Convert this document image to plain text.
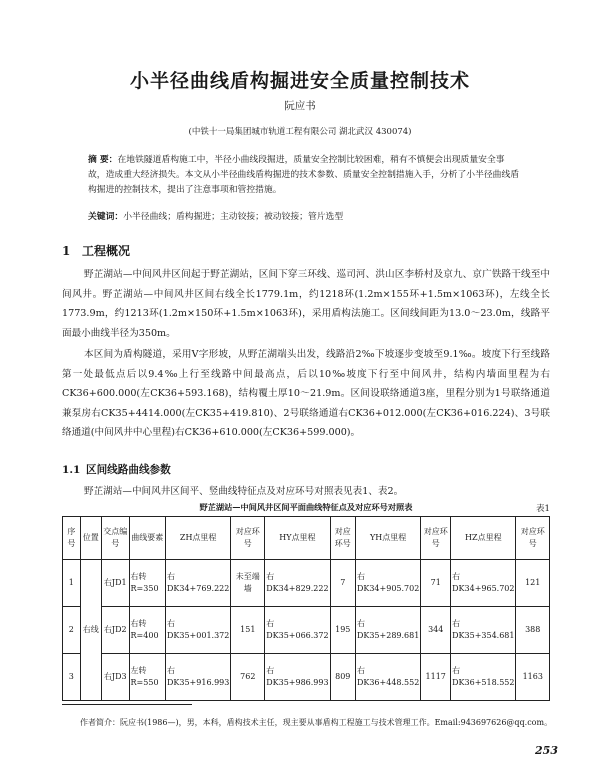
小半径曲线盾构掘进安全质量控制技术
阮应书
(中铁十一局集团城市轨道工程有限公司 湖北武汉 430074)
摘 要：在地铁隧道盾构施工中，半径小曲线段掘进，质量安全控制比较困难，稍有不慎便会出现质量安全事故，造成重大经济损失。本文从小半径曲线盾构掘进的技术参数、质量安全控制措施入手，分析了小半径曲线盾构掘进的控制技术，提出了注意事项和管控措施。
关键词：小半径曲线；盾构掘进；主动铰接；被动铰接；管片选型
1 工程概况
野芷湖站—中间风井区间起于野芷湖站，区间下穿三环线、巡司河、洪山区李桥村及京九、京广铁路干线至中间风井。野芷湖站—中间风井区间右线全长1779.1m，约1218环(1.2m×155环+1.5m×1063环)，左线全长1773.9m，约1213环(1.2m×150环+1.5m×1063环)，采用盾构法施工。区间线间距为13.0～23.0m，线路平面最小曲线半径为350m。
本区间为盾构隧道，采用V字形坡，从野芷湖端头出发，线路沿2‰下坡逐步变坡至9.1‰。坡度下行至线路第一处最低点后以9.4‰上行至线路中间最高点，后以10‰坡度下行至中间风井，结构内墙面里程为右CK36+600.000(左CK36+593.168)，结构覆土厚10～21.9m。区间设联络通道3座，里程分别为1号联络通道兼泵房右CK35+4414.000(左CK35+419.810)、2号联络通道右CK36+012.000(左CK36+016.224)、3号联络通道(中间风井中心里程)右CK36+610.000(左CK36+599.000)。
1.1 区间线路曲线参数
野芷湖站—中间风井区间平、竖曲线特征点及对应环号对照表见表1、表2。
野芷湖站—中间风井区间平面曲线特征点及对应环号对照表	表1
序号	位置	交点编号	曲线要素	ZH点里程	对应环号	HY点里程	对应环号	YH点里程	对应环号	HZ点里程	对应环号
1	右线	右JD1	右转R=350	右DK34+769.222	未至端墙	右DK34+829.222	7	右DK34+905.702	71	右DK34+965.702	121
2		右JD2	右转R=400	右DK35+001.372	151	右DK35+066.372	195	右DK35+289.681	344	右DK35+354.681	388
3		右JD3	左转R=550	右DK35+916.993	762	右DK35+986.993	809	右DK36+448.552	1117	右DK36+518.552	1163
作者简介：阮应书(1986—)，男，本科，盾构技术主任，现主要从事盾构工程施工与技术管理工作。Email:943697626@qq.com。
253
